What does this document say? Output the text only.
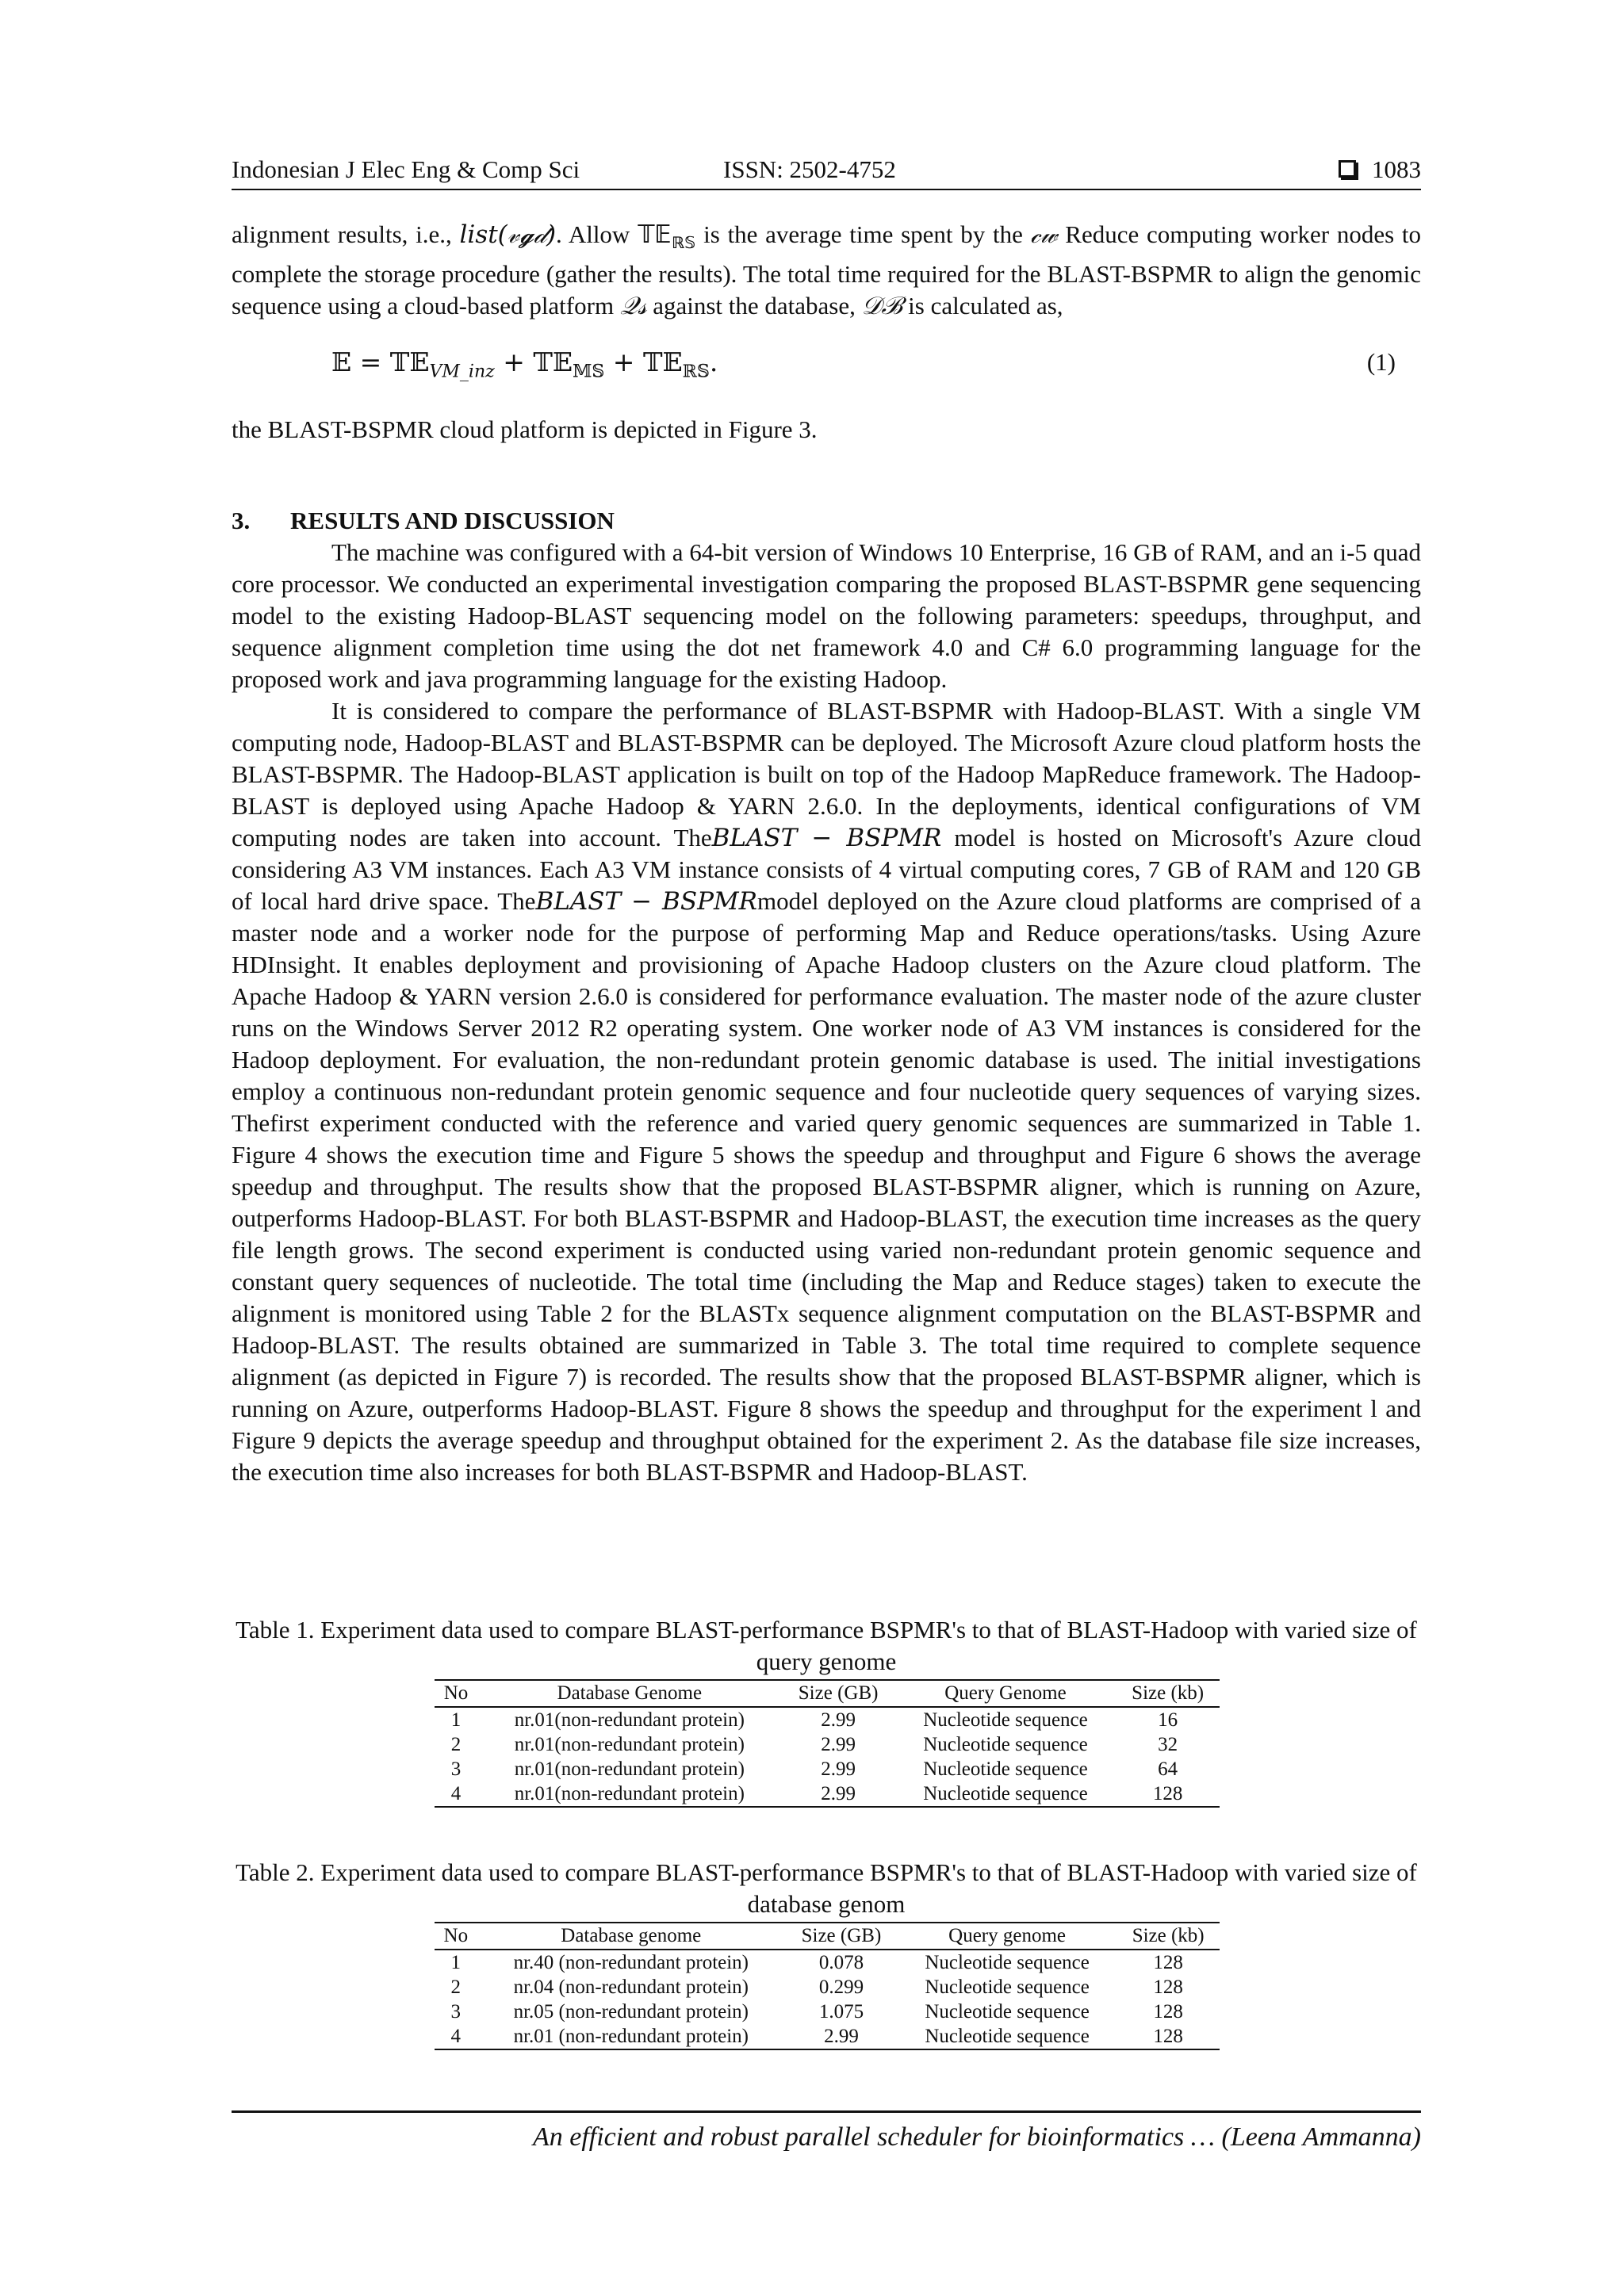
Indonesian J Elec Eng & Comp Sci	ISSN: 2502-4752	1083

alignment results, i.e., list(𝓋𝓰𝒹). Allow 𝕋𝔼$_{ℝ𝕊}$ is the average time spent by the 𝒸𝓌 Reduce computing worker nodes to complete the storage procedure (gather the results). The total time required for the BLAST-BSPMR to align the genomic sequence using a cloud-based platform 𝒬𝓈 against the database, 𝒟ℬ is calculated as,

𝔼 = 𝕋𝔼$_{VM\_inz}$ + 𝕋𝔼$_{𝕄𝕊}$ + 𝕋𝔼$_{ℝ𝕊}$.	(1)

the BLAST-BSPMR cloud platform is depicted in Figure 3.

3. RESULTS AND DISCUSSION

The machine was configured with a 64-bit version of Windows 10 Enterprise, 16 GB of RAM, and an i-5 quad core processor. We conducted an experimental investigation comparing the proposed BLAST-BSPMR gene sequencing model to the existing Hadoop-BLAST sequencing model on the following parameters: speedups, throughput, and sequence alignment completion time using the dot net framework 4.0 and C# 6.0 programming language for the proposed work and java programming language for the existing Hadoop.

It is considered to compare the performance of BLAST-BSPMR with Hadoop-BLAST. With a single VM computing node, Hadoop-BLAST and BLAST-BSPMR can be deployed. The Microsoft Azure cloud platform hosts the BLAST-BSPMR. The Hadoop-BLAST application is built on top of the Hadoop MapReduce framework. The Hadoop-BLAST is deployed using Apache Hadoop & YARN 2.6.0. In the deployments, identical configurations of VM computing nodes are taken into account. TheBLAST − BSPMR model is hosted on Microsoft's Azure cloud considering A3 VM instances. Each A3 VM instance consists of 4 virtual computing cores, 7 GB of RAM and 120 GB of local hard drive space. TheBLAST − BSPMRmodel deployed on the Azure cloud platforms are comprised of a master node and a worker node for the purpose of performing Map and Reduce operations/tasks. Using Azure HDInsight. It enables deployment and provisioning of Apache Hadoop clusters on the Azure cloud platform. The Apache Hadoop & YARN version 2.6.0 is considered for performance evaluation. The master node of the azure cluster runs on the Windows Server 2012 R2 operating system. One worker node of A3 VM instances is considered for the Hadoop deployment. For evaluation, the non-redundant protein genomic database is used. The initial investigations employ a continuous non-redundant protein genomic sequence and four nucleotide query sequences of varying sizes. Thefirst experiment conducted with the reference and varied query genomic sequences are summarized in Table 1. Figure 4 shows the execution time and Figure 5 shows the speedup and throughput and Figure 6 shows the average speedup and throughput. The results show that the proposed BLAST-BSPMR aligner, which is running on Azure, outperforms Hadoop-BLAST. For both BLAST-BSPMR and Hadoop-BLAST, the execution time increases as the query file length grows. The second experiment is conducted using varied non-redundant protein genomic sequence and constant query sequences of nucleotide. The total time (including the Map and Reduce stages) taken to execute the alignment is monitored using Table 2 for the BLASTx sequence alignment computation on the BLAST-BSPMR and Hadoop-BLAST. The results obtained are summarized in Table 3. The total time required to complete sequence alignment (as depicted in Figure 7) is recorded. The results show that the proposed BLAST-BSPMR aligner, which is running on Azure, outperforms Hadoop-BLAST. Figure 8 shows the speedup and throughput for the experiment l and Figure 9 depicts the average speedup and throughput obtained for the experiment 2. As the database file size increases, the execution time also increases for both BLAST-BSPMR and Hadoop-BLAST.

Table 1. Experiment data used to compare BLAST-performance BSPMR's to that of BLAST-Hadoop with varied size of query genome
No	Database Genome	Size (GB)	Query Genome	Size (kb)
1	nr.01(non-redundant protein)	2.99	Nucleotide sequence	16
2	nr.01(non-redundant protein)	2.99	Nucleotide sequence	32
3	nr.01(non-redundant protein)	2.99	Nucleotide sequence	64
4	nr.01(non-redundant protein)	2.99	Nucleotide sequence	128
Table 2. Experiment data used to compare BLAST-performance BSPMR's to that of BLAST-Hadoop with varied size of database genom
No	Database genome	Size (GB)	Query genome	Size (kb)
1	nr.40 (non-redundant protein)	0.078	Nucleotide sequence	128
2	nr.04 (non-redundant protein)	0.299	Nucleotide sequence	128
3	nr.05 (non-redundant protein)	1.075	Nucleotide sequence	128
4	nr.01 (non-redundant protein)	2.99	Nucleotide sequence	128
An efficient and robust parallel scheduler for bioinformatics … (Leena Ammanna)
